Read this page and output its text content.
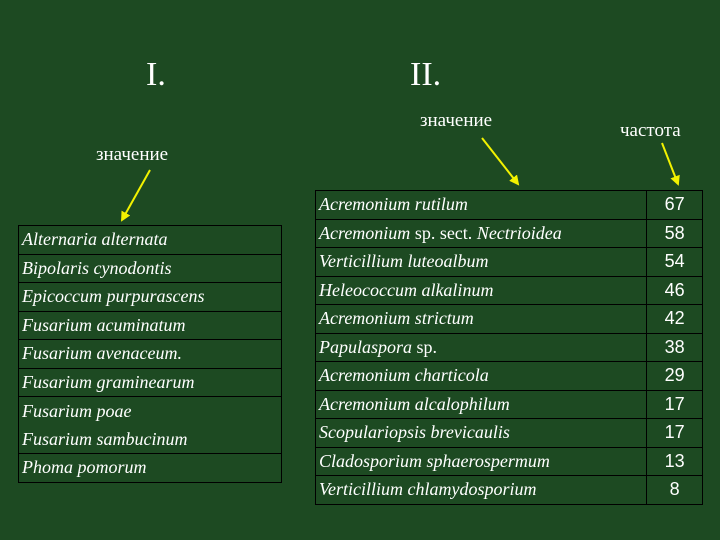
I.	II.
значение
значение	частота
Alternaria alternata
Bipolaris cynodontis
Epicoccum purpurascens
Fusarium acuminatum
Fusarium avenaceum.
Fusarium graminearum
Fusarium poae
Fusarium sambucinum
Phoma pomorum
Acremonium rutilum	67
Acremonium sp. sect. Nectrioidea	58
Verticillium luteoalbum	54
Heleococcum alkalinum	46
Acremonium strictum	42
Papulaspora sp.	38
Acremonium charticola	29
Acremonium alcalophilum	17
Scopulariopsis brevicaulis	17
Cladosporium sphaerospermum	13
Verticillium chlamydosporium	8
